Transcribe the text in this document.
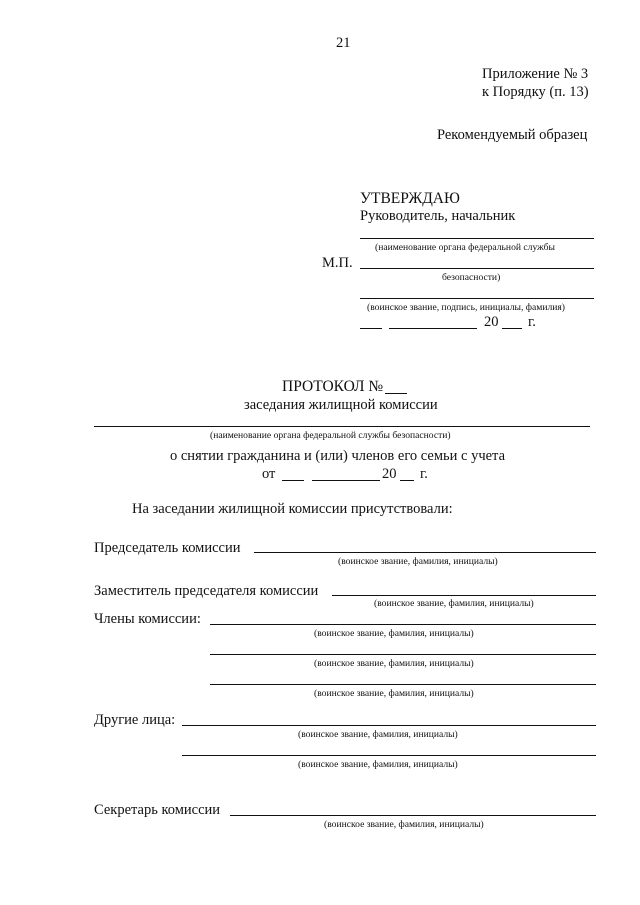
21
Приложение № 3
к Порядку (п. 13)
Рекомендуемый образец
УТВЕРЖДАЮ
Руководитель, начальник
(наименование органа федеральной службы
М.П.
безопасности)
(воинское звание, подпись, инициалы, фамилия)
20 г.
ПРОТОКОЛ №
заседания жилищной комиссии
(наименование органа федеральной службы безопасности)
о снятии гражданина и (или) членов его семьи с учета
от	20 г.
На заседании жилищной комиссии присутствовали:
Председатель комиссии
(воинское звание, фамилия, инициалы)
Заместитель председателя комиссии
(воинское звание, фамилия, инициалы)
Члены комиссии:
(воинское звание, фамилия, инициалы)
(воинское звание, фамилия, инициалы)
(воинское звание, фамилия, инициалы)
Другие лица:
(воинское звание, фамилия, инициалы)
(воинское звание, фамилия, инициалы)
Секретарь комиссии
(воинское звание, фамилия, инициалы)
